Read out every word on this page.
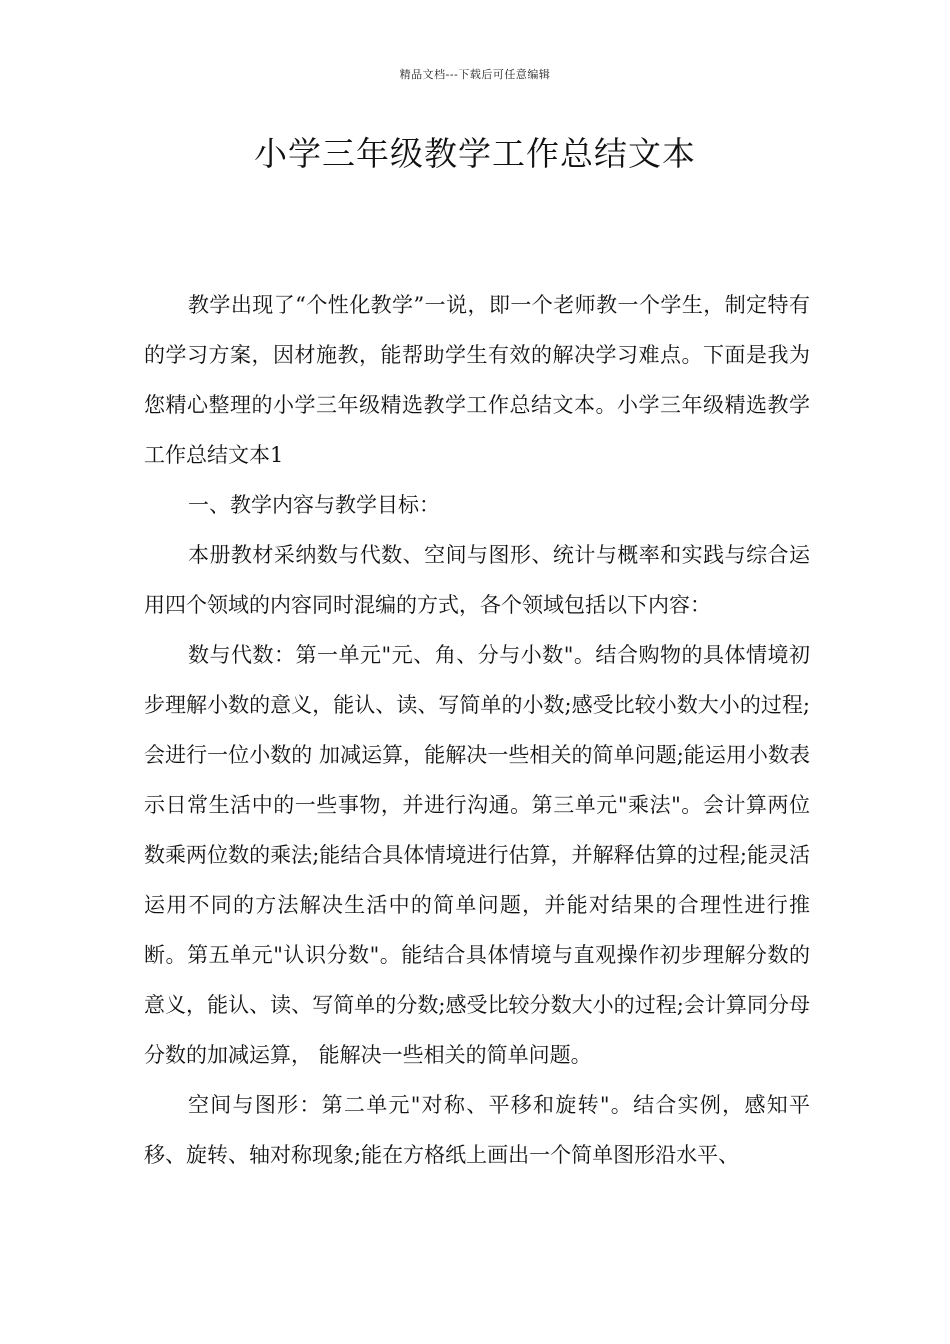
精品文档---下载后可任意编辑
小学三年级教学工作总结文本

教学出现了“个性化教学”一说，即一个老师教一个学生，制定特有的学习方案，因材施教，能帮助学生有效的解决学习难点。下面是我为您精心整理的小学三年级精选教学工作总结文本。小学三年级精选教学工作总结文本1

一、教学内容与教学目标：

本册教材采纳数与代数、空间与图形、统计与概率和实践与综合运用四个领域的内容同时混编的方式，各个领域包括以下内容：

数与代数：第一单元"元、角、分与小数"。结合购物的具体情境初步理解小数的意义，能认、读、写简单的小数;感受比较小数大小的过程;会进行一位小数的 加减运算，能解决一些相关的简单问题;能运用小数表示日常生活中的一些事物，并进行沟通。第三单元"乘法"。会计算两位数乘两位数的乘法;能结合具体情境进行估算，并解释估算的过程;能灵活运用不同的方法解决生活中的简单问题，并能对结果的合理性进行推断。第五单元"认识分数"。能结合具体情境与直观操作初步理解分数的意义，能认、读、写简单的分数;感受比较分数大小的过程;会计算同分母分数的加减运算， 能解决一些相关的简单问题。

空间与图形：第二单元"对称、平移和旋转"。结合实例，感知平移、旋转、轴对称现象;能在方格纸上画出一个简单图形沿水平、
